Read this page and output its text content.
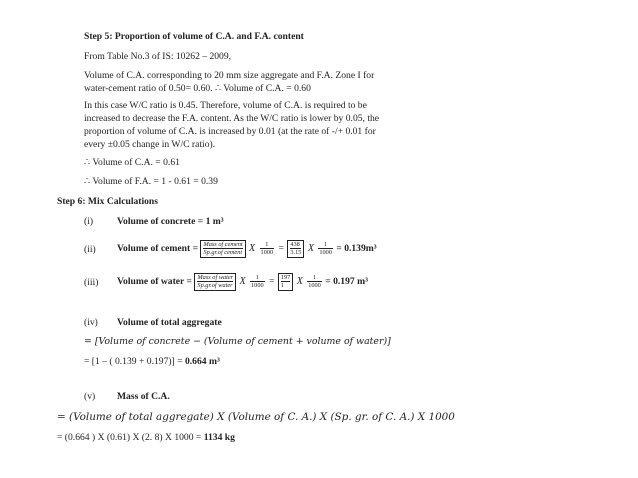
Step 5: Proportion of volume of C.A. and F.A. content
From Table No.3 of IS: 10262 – 2009,
Volume of C.A. corresponding to 20 mm size aggregate and F.A. Zone I for
water-cement ratio of 0.50= 0.60. ∴ Volume of C.A. = 0.60
In this case W/C ratio is 0.45. Therefore, volume of C.A. is required to be
increased to decrease the F.A. content. As the W/C ratio is lower by 0.05, the
proportion of volume of C.A. is increased by 0.01 (at the rate of -/+ 0.01 for
every ±0.05 change in W/C ratio).
∴ Volume of C.A. = 0.61
∴ Volume of F.A. = 1 - 0.61 = 0.39
Step 6: Mix Calculations
(i) Volume of concrete = 1 m³
(ii) Volume of cement = Mass of cement
Sp.gr.of cement X $\frac{1}{1000} = \frac{438}{3.15}$ X $\frac{1}{1000} = 0.139m^3$
(iii) Volume of water = Mass of water
Sp.gr.of water X $\frac{1}{1000} = \frac{197}{1}$ X $\frac{1}{1000} = 0.197$ m³
(iv) Volume of total aggregate
= [Volume of concrete − (Volume of cement + volume of water)]
= [1 – ( 0.139 + 0.197)] = 0.664 m³
(v) Mass of C.A.
= (Volume of total aggregate) X (Volume of C. A.) X (Sp. gr. of C. A.) X 1000
= (0.664 ) X (0.61) X (2. 8) X 1000 = 1134 kg
